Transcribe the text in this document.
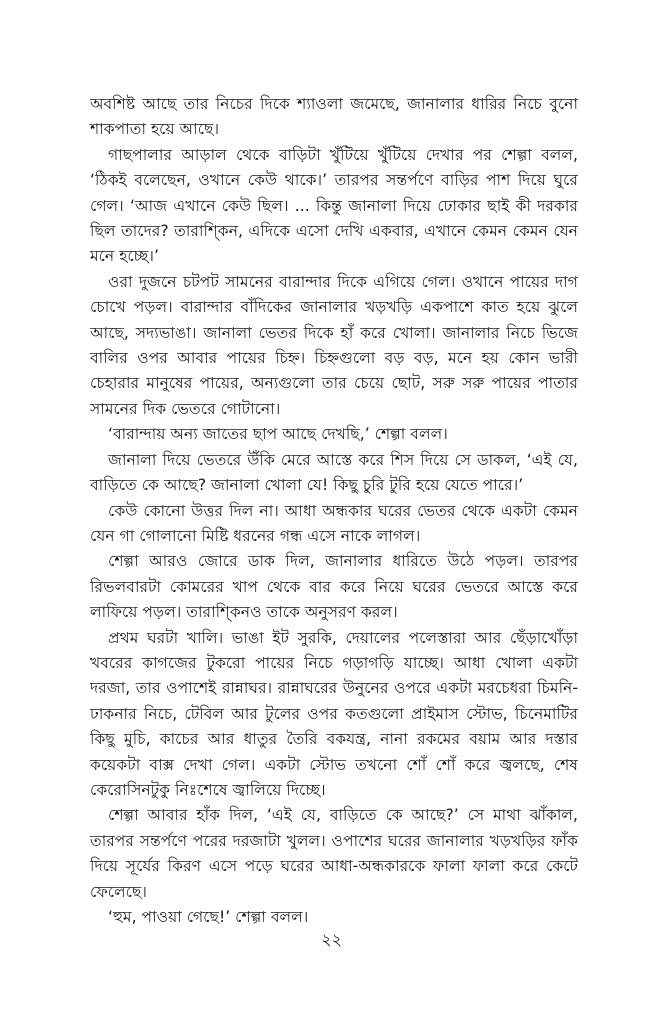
অবশিষ্ট আছে তার নিচের দিকে শ্যাওলা জমেছে, জানালার ধারির নিচে বুনো শাকপাতা হয়ে আছে।

গাছপালার আড়াল থেকে বাড়িটা খুঁটিয়ে খুঁটিয়ে দেখার পর শেল্গা বলল, ‘ঠিকই বলেছেন, ওখানে কেউ থাকে।’ তারপর সন্তর্পণে বাড়ির পাশ দিয়ে ঘুরে গেল। ‘আজ এখানে কেউ ছিল। ... কিন্তু জানালা দিয়ে ঢোকার ছাই কী দরকার ছিল তাদের? তারাশ্কিন, এদিকে এসো দেখি একবার, এখানে কেমন কেমন যেন মনে হচ্ছে।’

ওরা দুজনে চটপট সামনের বারান্দার দিকে এগিয়ে গেল। ওখানে পায়ের দাগ চোখে পড়ল। বারান্দার বাঁদিকের জানালার খড়খড়ি একপাশে কাত হয়ে ঝুলে আছে, সদ্যভাঙা। জানালা ভেতর দিকে হাঁ করে খোলা। জানালার নিচে ভিজে বালির ওপর আবার পায়ের চিহ্ন। চিহ্নগুলো বড় বড়, মনে হয় কোন ভারী চেহারার মানুষের পায়ের, অন্যগুলো তার চেয়ে ছোট, সরু সরু পায়ের পাতার সামনের দিক ভেতরে গোটানো।

‘বারান্দায় অন্য জাতের ছাপ আছে দেখছি,’ শেল্গা বলল।

জানালা দিয়ে ভেতরে উঁকি মেরে আস্তে করে শিস দিয়ে সে ডাকল, ‘এই যে, বাড়িতে কে আছে? জানালা খোলা যে! কিছু চুরি টুরি হয়ে যেতে পারে।’

কেউ কোনো উত্তর দিল না। আধা অন্ধকার ঘরের ভেতর থেকে একটা কেমন যেন গা গোলানো মিষ্টি ধরনের গন্ধ এসে নাকে লাগল।

শেল্গা আরও জোরে ডাক দিল, জানালার ধারিতে উঠে পড়ল। তারপর রিভলবারটা কোমরের খাপ থেকে বার করে নিয়ে ঘরের ভেতরে আস্তে করে লাফিয়ে পড়ল। তারাশ্কিনও তাকে অনুসরণ করল।

প্রথম ঘরটা খালি। ভাঙা ইট সুরকি, দেয়ালের পলেস্তারা আর ছেঁড়াখোঁড়া খবরের কাগজের টুকরো পায়ের নিচে গড়াগড়ি যাচ্ছে। আধা খোলা একটা দরজা, তার ওপাশেই রান্নাঘর। রান্নাঘরের উনুনের ওপরে একটা মরচেধরা চিমনি-ঢাকনার নিচে, টেবিল আর টুলের ওপর কতগুলো প্রাইমাস স্টোভ, চিনেমাটির কিছু মুচি, কাচের আর ধাতুর তৈরি বকযন্ত্র, নানা রকমের বয়াম আর দস্তার কয়েকটা বাক্স দেখা গেল। একটা স্টোভ তখনো শোঁ শোঁ করে জ্বলছে, শেষ কেরোসিনটুকু নিঃশেষে জ্বালিয়ে দিচ্ছে।

শেল্গা আবার হাঁক দিল, ‘এই যে, বাড়িতে কে আছে?’ সে মাথা ঝাঁকাল, তারপর সন্তর্পণে পরের দরজাটা খুলল। ওপাশের ঘরের জানালার খড়খড়ির ফাঁক দিয়ে সূর্যের কিরণ এসে পড়ে ঘরের আধা-অন্ধকারকে ফালা ফালা করে কেটে ফেলেছে।

‘হুম, পাওয়া গেছে!’ শেল্গা বলল।

২২
